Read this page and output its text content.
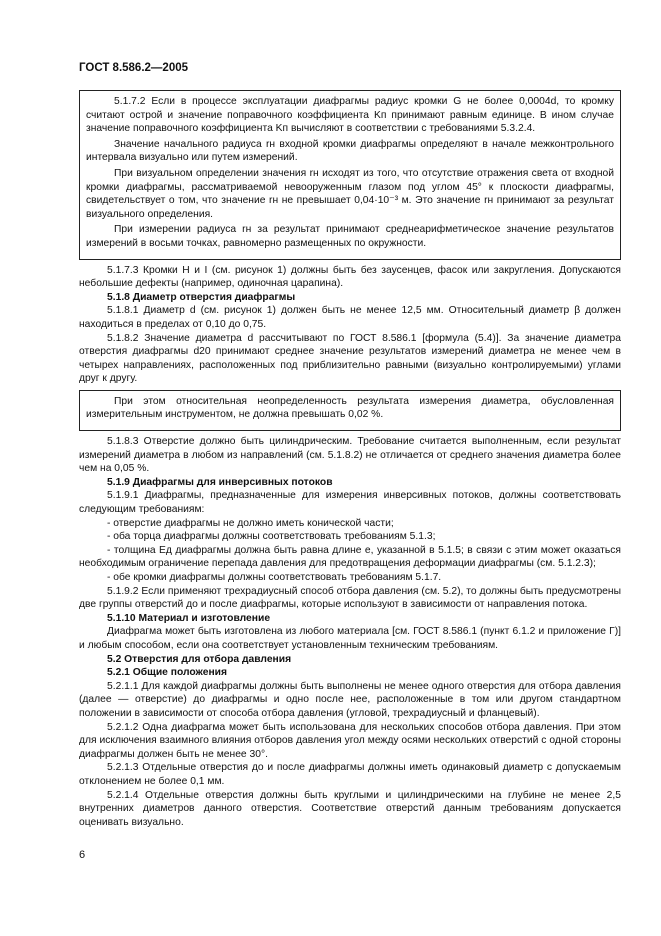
ГОСТ 8.586.2—2005

5.1.7.2 Если в процессе эксплуатации диафрагмы радиус кромки G не более 0,0004d, то кромку считают острой и значение поправочного коэффициента Kп принимают равным единице. В ином случае значение поправочного коэффициента Kп вычисляют в соответствии с требованиями 5.3.2.4.

Значение начального радиуса rн входной кромки диафрагмы определяют в начале межконтрольного интервала визуально или путем измерений.

При визуальном определении значения rн исходят из того, что отсутствие отражения света от входной кромки диафрагмы, рассматриваемой невооруженным глазом под углом 45° к плоскости диафрагмы, свидетельствует о том, что значение rн не превышает 0,04·10⁻³ м. Это значение rн принимают за результат визуального определения.

При измерении радиуса rн за результат принимают среднеарифметическое значение результатов измерений в восьми точках, равномерно размещенных по окружности.

5.1.7.3 Кромки H и I (см. рисунок 1) должны быть без заусенцев, фасок или закругления. Допускаются небольшие дефекты (например, одиночная царапина).

5.1.8 Диаметр отверстия диафрагмы

5.1.8.1 Диаметр d (см. рисунок 1) должен быть не менее 12,5 мм. Относительный диаметр β должен находиться в пределах от 0,10 до 0,75.

5.1.8.2 Значение диаметра d рассчитывают по ГОСТ 8.586.1 [формула (5.4)]. За значение диаметра отверстия диафрагмы d20 принимают среднее значение результатов измерений диаметра не менее чем в четырех направлениях, расположенных под приблизительно равными (визуально контролируемыми) углами друг к другу.

При этом относительная неопределенность результата измерения диаметра, обусловленная измерительным инструментом, не должна превышать 0,02 %.

5.1.8.3 Отверстие должно быть цилиндрическим. Требование считается выполненным, если результат измерений диаметра в любом из направлений (см. 5.1.8.2) не отличается от среднего значения диаметра более чем на 0,05 %.

5.1.9 Диафрагмы для инверсивных потоков

5.1.9.1 Диафрагмы, предназначенные для измерения инверсивных потоков, должны соответствовать следующим требованиям:

- отверстие диафрагмы не должно иметь конической части;

- оба торца диафрагмы должны соответствовать требованиям 5.1.3;

- толщина Eд диафрагмы должна быть равна длине e, указанной в 5.1.5; в связи с этим может оказаться необходимым ограничение перепада давления для предотвращения деформации диафрагмы (см. 5.1.2.3);

- обе кромки диафрагмы должны соответствовать требованиям 5.1.7.

5.1.9.2 Если применяют трехрадиусный способ отбора давления (см. 5.2), то должны быть предусмотрены две группы отверстий до и после диафрагмы, которые используют в зависимости от направления потока.

5.1.10 Материал и изготовление

Диафрагма может быть изготовлена из любого материала [см. ГОСТ 8.586.1 (пункт 6.1.2 и приложение Г)] и любым способом, если она соответствует установленным техническим требованиям.

5.2 Отверстия для отбора давления

5.2.1 Общие положения

5.2.1.1 Для каждой диафрагмы должны быть выполнены не менее одного отверстия для отбора давления (далее — отверстие) до диафрагмы и одно после нее, расположенные в том или другом стандартном положении в зависимости от способа отбора давления (угловой, трехрадиусный и фланцевый).

5.2.1.2 Одна диафрагма может быть использована для нескольких способов отбора давления. При этом для исключения взаимного влияния отборов давления угол между осями нескольких отверстий с одной стороны диафрагмы должен быть не менее 30°.

5.2.1.3 Отдельные отверстия до и после диафрагмы должны иметь одинаковый диаметр с допускаемым отклонением не более 0,1 мм.

5.2.1.4 Отдельные отверстия должны быть круглыми и цилиндрическими на глубине не менее 2,5 внутренних диаметров данного отверстия. Соответствие отверстий данным требованиям допускается оценивать визуально.

6
